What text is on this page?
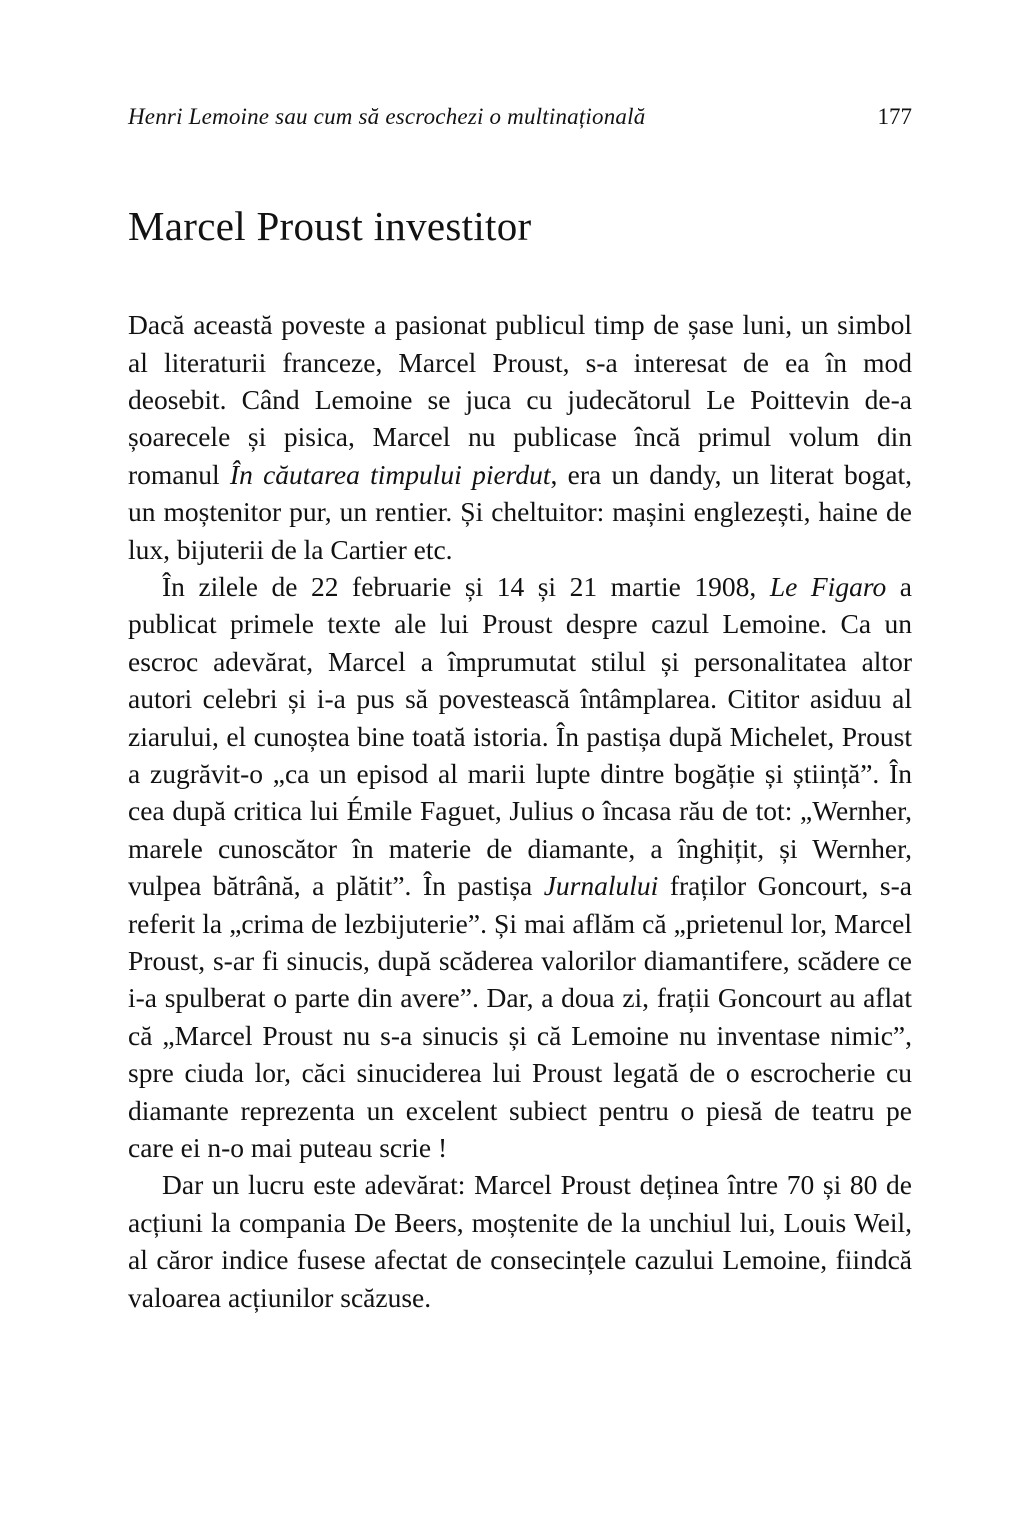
Henri Lemoine sau cum să escrochezi o multinațională	177
Marcel Proust investitor

Dacă această poveste a pasionat publicul timp de șase luni, un simbol al literaturii franceze, Marcel Proust, s-a interesat de ea în mod deosebit. Când Lemoine se juca cu judecătorul Le Poittevin de-a șoarecele și pisica, Marcel nu publicase încă primul volum din romanul În căutarea timpului pierdut, era un dandy, un literat bogat, un moștenitor pur, un rentier. Și cheltuitor: mașini englezești, haine de lux, bijuterii de la Cartier etc.

În zilele de 22 februarie și 14 și 21 martie 1908, Le Figaro a publicat primele texte ale lui Proust despre cazul Lemoine. Ca un escroc adevărat, Marcel a împrumutat stilul și personalitatea altor autori celebri și i-a pus să povestească întâmplarea. Cititor asiduu al ziarului, el cunoștea bine toată istoria. În pastișa după Michelet, Proust a zugrăvit-o „ca un episod al marii lupte dintre bogăție și știință”. În cea după critica lui Émile Faguet, Julius o încasa rău de tot: „Wernher, marele cunoscător în materie de diamante, a înghițit, și Wernher, vulpea bătrână, a plătit”. În pastișa Jurnalului fraților Goncourt, s-a referit la „crima de lezbijuterie”. Și mai aflăm că „prietenul lor, Marcel Proust, s-ar fi sinucis, după scăderea valorilor diamantifere, scădere ce i-a spulberat o parte din avere”. Dar, a doua zi, frații Goncourt au aflat că „Marcel Proust nu s-a sinucis și că Lemoine nu inventase nimic”, spre ciuda lor, căci sinuciderea lui Proust legată de o escrocherie cu diamante reprezenta un excelent subiect pentru o piesă de teatru pe care ei n-o mai puteau scrie !

Dar un lucru este adevărat: Marcel Proust deținea între 70 și 80 de acțiuni la compania De Beers, moștenite de la unchiul lui, Louis Weil, al căror indice fusese afectat de consecințele cazului Lemoine, fiindcă valoarea acțiunilor scăzuse.
